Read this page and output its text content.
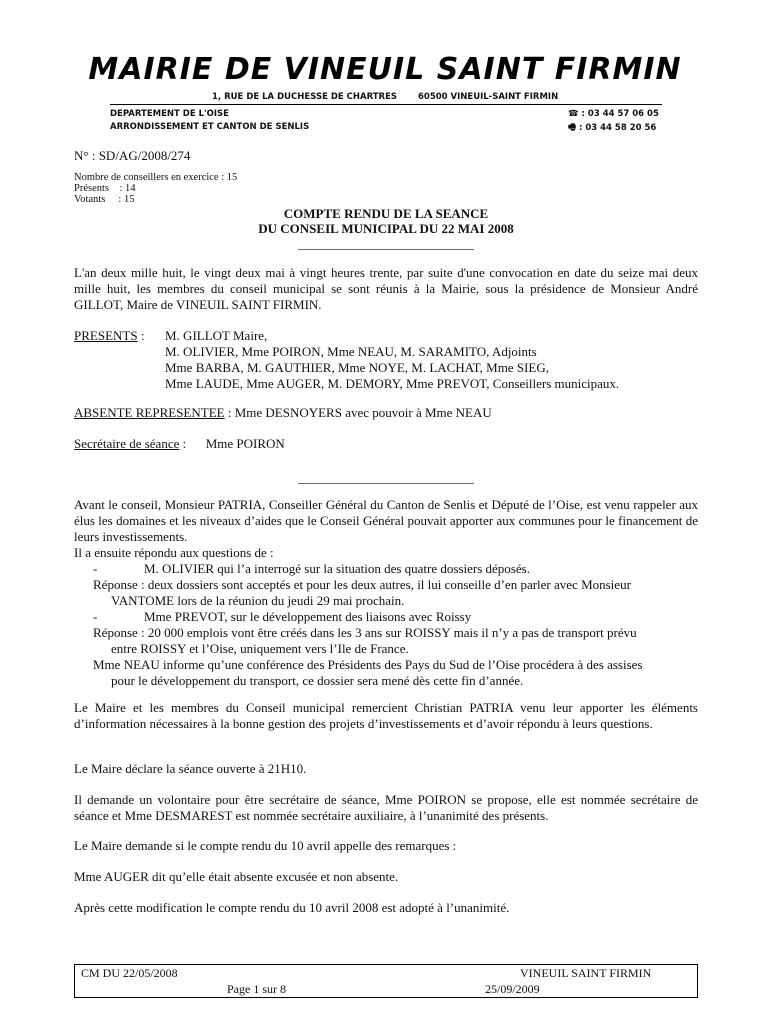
MAIRIE DE VINEUIL SAINT FIRMIN
1, RUE DE LA DUCHESSE DE CHARTRES 60500 VINEUIL-SAINT FIRMIN
DEPARTEMENT DE L'OISE
ARRONDISSEMENT ET CANTON DE SENLIS
☎ : 03 44 57 06 05
🖷 : 03 44 58 20 56
N° : SD/AG/2008/274
Nombre de conseillers en exercice : 15
Présents    : 14
Votants     : 15
COMPTE RENDU DE LA SEANCE
DU CONSEIL MUNICIPAL DU 22 MAI 2008
___________________________
L'an deux mille huit, le vingt deux mai à vingt heures trente, par suite d'une convocation en date du seize mai deux mille huit, les membres du conseil municipal se sont réunis à la Mairie, sous la présidence de Monsieur André GILLOT, Maire de VINEUIL SAINT FIRMIN.
PRESENTS : M. GILLOT Maire,
M. OLIVIER, Mme POIRON, Mme NEAU, M. SARAMITO, Adjoints
Mme BARBA, M. GAUTHIER, Mme NOYE, M. LACHAT, Mme SIEG,
Mme LAUDE, Mme AUGER, M. DEMORY, Mme PREVOT, Conseillers municipaux.
ABSENTE REPRESENTEE : Mme DESNOYERS avec pouvoir à Mme NEAU
Secrétaire de séance :      Mme POIRON
___________________________
Avant le conseil, Monsieur PATRIA, Conseiller Général du Canton de Senlis et Député de l’Oise, est venu rappeler aux élus les domaines et les niveaux d’aides que le Conseil Général pouvait apporter aux communes pour le financement de leurs investissements.
Il a ensuite répondu aux questions de :
-	M. OLIVIER qui l’a interrogé sur la situation des quatre dossiers déposés.
Réponse : deux dossiers sont acceptés et pour les deux autres, il lui conseille d’en parler avec Monsieur
VANTOME lors de la réunion du jeudi 29 mai prochain.
-	Mme PREVOT, sur le développement des liaisons avec Roissy
Réponse : 20 000 emplois vont être créés dans les 3 ans sur ROISSY mais il n’y a pas de transport prévu
entre ROISSY et l’Oise, uniquement vers l’Ile de France.
Mme NEAU informe qu’une conférence des Présidents des Pays du Sud de l’Oise procédera à des assises
pour le développement du transport, ce dossier sera mené dès cette fin d’année.
Le Maire et les membres du Conseil municipal remercient Christian PATRIA venu leur apporter les éléments d’information nécessaires à la bonne gestion des projets d’investissements et d’avoir répondu à leurs questions.
Le Maire déclare la séance ouverte à 21H10.
Il demande un volontaire pour être secrétaire de séance, Mme POIRON se propose, elle est nommée secrétaire de séance et Mme DESMAREST est nommée secrétaire auxiliaire, à l’unanimité des présents.
Le Maire demande si le compte rendu du 10 avril appelle des remarques :
Mme AUGER dit qu’elle était absente excusée et non absente.
Après cette modification le compte rendu du 10 avril 2008 est adopté à l’unanimité.
CM DU 22/05/2008
Page 1 sur 8
VINEUIL SAINT FIRMIN
25/09/2009
